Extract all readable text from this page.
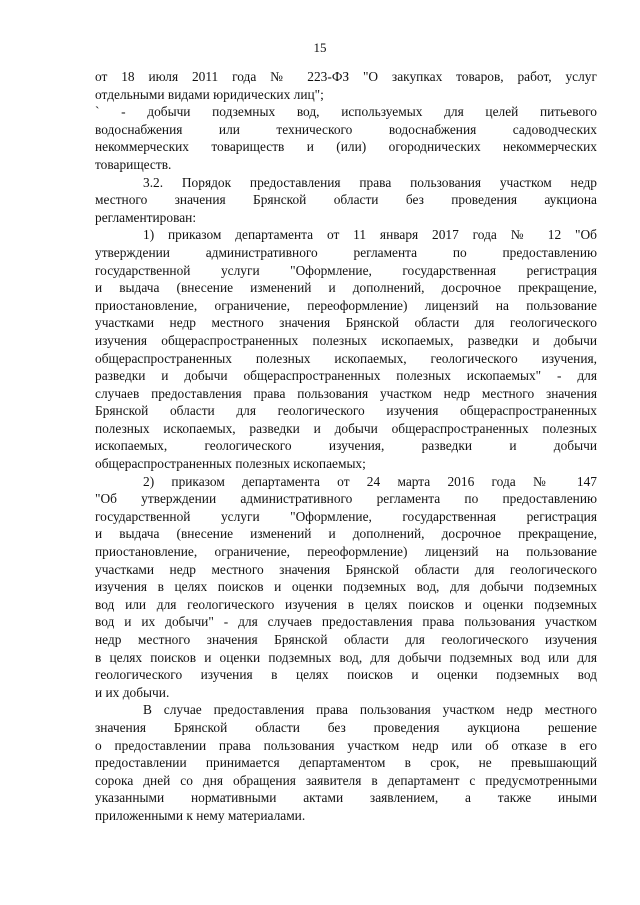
15

от 18 июля 2011 года № 223-ФЗ "О закупках товаров, работ, услуг

отдельными видами юридических лиц";

` - добычи подземных вод, используемых для целей питьевого

водоснабжения или технического водоснабжения садоводческих

некоммерческих товариществ и (или) огороднических некоммерческих

товариществ.

3.2. Порядок предоставления права пользования участком недр

местного значения Брянской области без проведения аукциона

регламентирован:

1) приказом департамента от 11 января 2017 года № 12 "Об

утверждении административного регламента по предоставлению

государственной услуги "Оформление, государственная регистрация

и выдача (внесение изменений и дополнений, досрочное прекращение,

приостановление, ограничение, переоформление) лицензий на пользование

участками недр местного значения Брянской области для геологического

изучения общераспространенных полезных ископаемых, разведки и добычи

общераспространенных полезных ископаемых, геологического изучения,

разведки и добычи общераспространенных полезных ископаемых" - для

случаев предоставления права пользования участком недр местного значения

Брянской области для геологического изучения общераспространенных

полезных ископаемых, разведки и добычи общераспространенных полезных

ископаемых, геологического изучения, разведки и добычи

общераспространенных полезных ископаемых;

2) приказом департамента от 24 марта 2016 года № 147

"Об утверждении административного регламента по предоставлению

государственной услуги "Оформление, государственная регистрация

и выдача (внесение изменений и дополнений, досрочное прекращение,

приостановление, ограничение, переоформление) лицензий на пользование

участками недр местного значения Брянской области для геологического

изучения в целях поисков и оценки подземных вод, для добычи подземных

вод или для геологического изучения в целях поисков и оценки подземных

вод и их добычи" - для случаев предоставления права пользования участком

недр местного значения Брянской области для геологического изучения

в целях поисков и оценки подземных вод, для добычи подземных вод или для

геологического изучения в целях поисков и оценки подземных вод

и их добычи.

В случае предоставления права пользования участком недр местного

значения Брянской области без проведения аукциона решение

о предоставлении права пользования участком недр или об отказе в его

предоставлении принимается департаментом в срок, не превышающий

сорока дней со дня обращения заявителя в департамент с предусмотренными

указанными нормативными актами заявлением, а также иными

приложенными к нему материалами.
